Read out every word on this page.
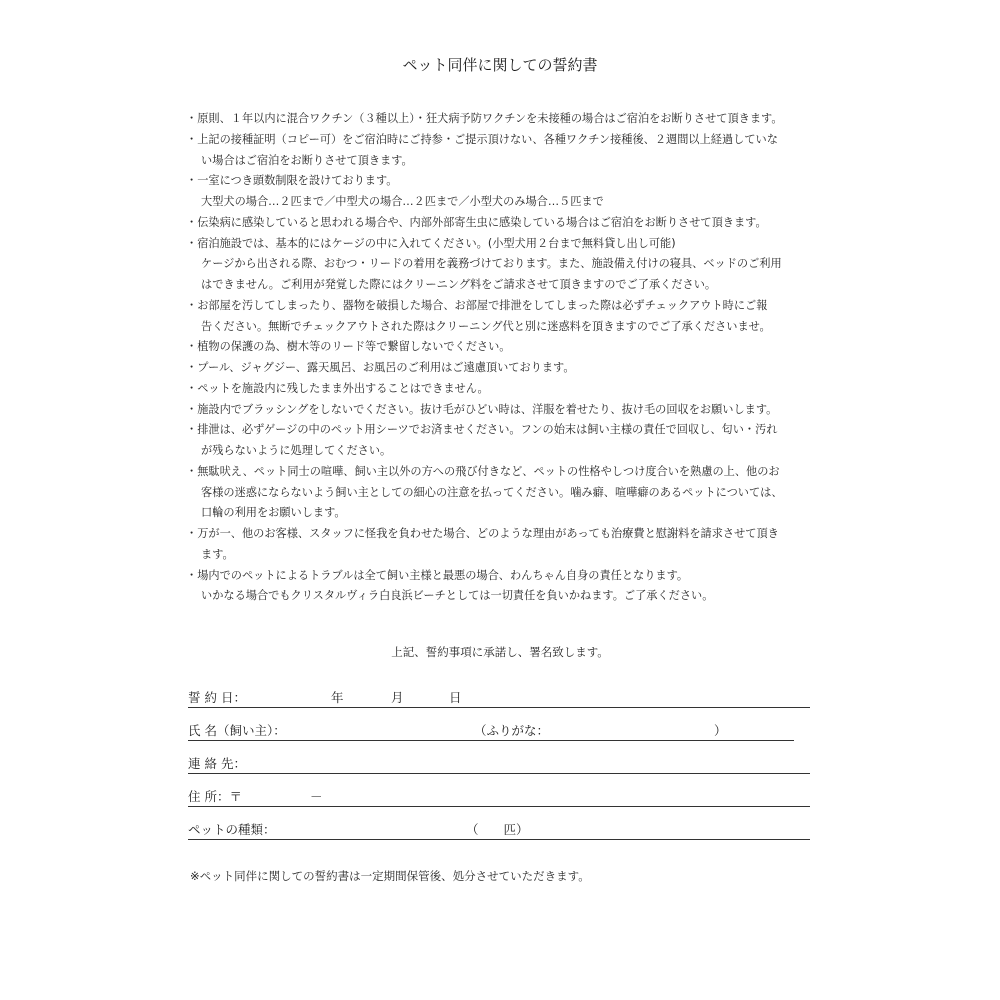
ペット同伴に関しての誓約書
・原則、１年以内に混合ワクチン（３種以上）・狂犬病予防ワクチンを未接種の場合はご宿泊をお断りさせて頂きます。
・上記の接種証明（コピー可）をご宿泊時にご持参・ご提示頂けない、各種ワクチン接種後、２週間以上経過していな
い場合はご宿泊をお断りさせて頂きます。
・一室につき頭数制限を設けております。
大型犬の場合…２匹まで／中型犬の場合…２匹まで／小型犬のみ場合…５匹まで
・伝染病に感染していると思われる場合や、内部外部寄生虫に感染している場合はご宿泊をお断りさせて頂きます。
・宿泊施設では、基本的にはケージの中に入れてください。(小型犬用２台まで無料貸し出し可能)
ケージから出される際、おむつ・リードの着用を義務づけております。また、施設備え付けの寝具、ベッドのご利用
はできません。ご利用が発覚した際にはクリーニング料をご請求させて頂きますのでご了承ください。
・お部屋を汚してしまったり、器物を破損した場合、お部屋で排泄をしてしまった際は必ずチェックアウト時にご報
告ください。無断でチェックアウトされた際はクリーニング代と別に迷惑料を頂きますのでご了承くださいませ。
・植物の保護の為、樹木等のリード等で繋留しないでください。
・プール、ジャグジー、露天風呂、お風呂のご利用はご遠慮頂いております。
・ペットを施設内に残したまま外出することはできません。
・施設内でブラッシングをしないでください。抜け毛がひどい時は、洋服を着せたり、抜け毛の回収をお願いします。
・排泄は、必ずゲージの中のペット用シーツでお済ませください。フンの始末は飼い主様の責任で回収し、匂い・汚れ
が残らないように処理してください。
・無駄吠え、ペット同士の喧嘩、飼い主以外の方への飛び付きなど、ペットの性格やしつけ度合いを熟慮の上、他のお
客様の迷惑にならないよう飼い主としての細心の注意を払ってください。噛み癖、喧嘩癖のあるペットについては、
口輪の利用をお願いします。
・万が一、他のお客様、スタッフに怪我を負わせた場合、どのような理由があっても治療費と慰謝料を請求させて頂き
ます。
・場内でのペットによるトラブルは全て飼い主様と最悪の場合、わんちゃん自身の責任となります。
いかなる場合でもクリスタルヴィラ白良浜ビーチとしては一切責任を負いかねます。ご了承ください。
上記、誓約事項に承諾し、署名致します。
誓 約 日：	年	月	日
氏 名（飼い主）：	（ふりがな：	）
連 絡 先：
住 所：〒	－
ペットの種類：	（　　匹）
※ペット同伴に関しての誓約書は一定期間保管後、処分させていただきます。
